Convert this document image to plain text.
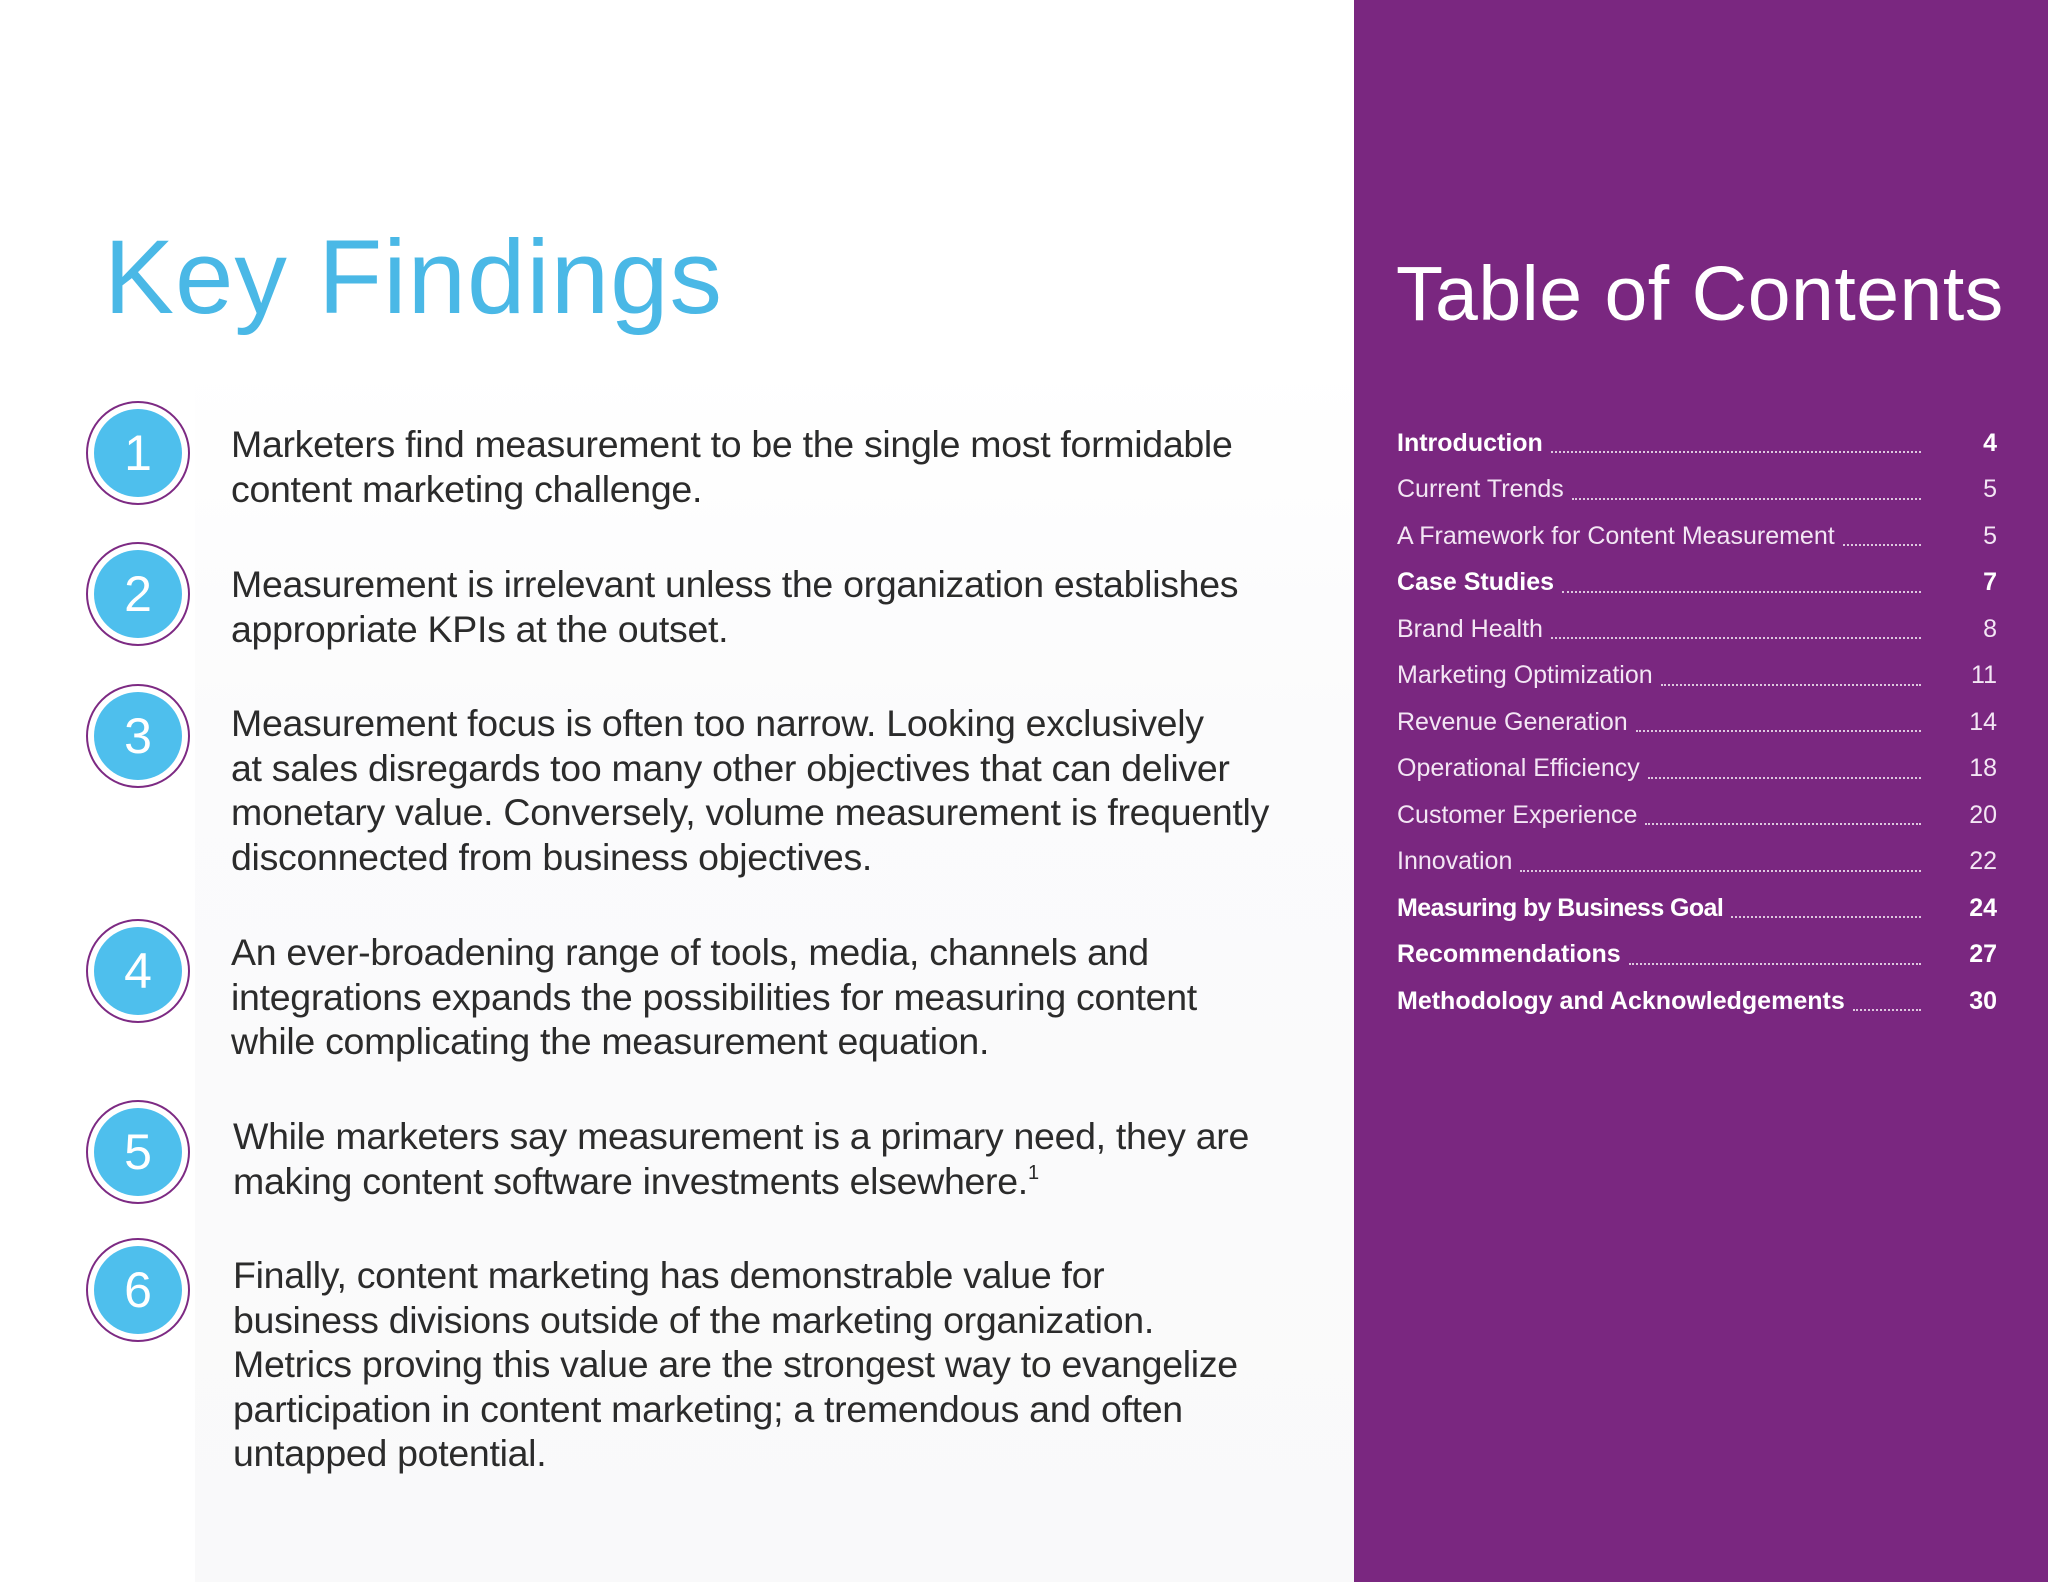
Key Findings
1	Marketers find measurement to be the single most formidable
content marketing challenge.

2	Measurement is irrelevant unless the organization establishes
appropriate KPIs at the outset.

3	Measurement focus is often too narrow. Looking exclusively
at sales disregards too many other objectives that can deliver
monetary value. Conversely, volume measurement is frequently
disconnected from business objectives.

4	An ever-broadening range of tools, media, channels and
integrations expands the possibilities for measuring content
while complicating the measurement equation.

5	While marketers say measurement is a primary need, they are
making content software investments elsewhere.$^1$

6	Finally, content marketing has demonstrable value for
business divisions outside of the marketing organization.
Metrics proving this value are the strongest way to evangelize
participation in content marketing; a tremendous and often
untapped potential.

Table of Contents
Introduction	4
Current Trends	5
A Framework for Content Measurement	5
Case Studies	7
Brand Health	8
Marketing Optimization	11
Revenue Generation	14
Operational Efficiency	18
Customer Experience	20
Innovation	22
Measuring by Business Goal	24
Recommendations	27
Methodology and Acknowledgements	30
